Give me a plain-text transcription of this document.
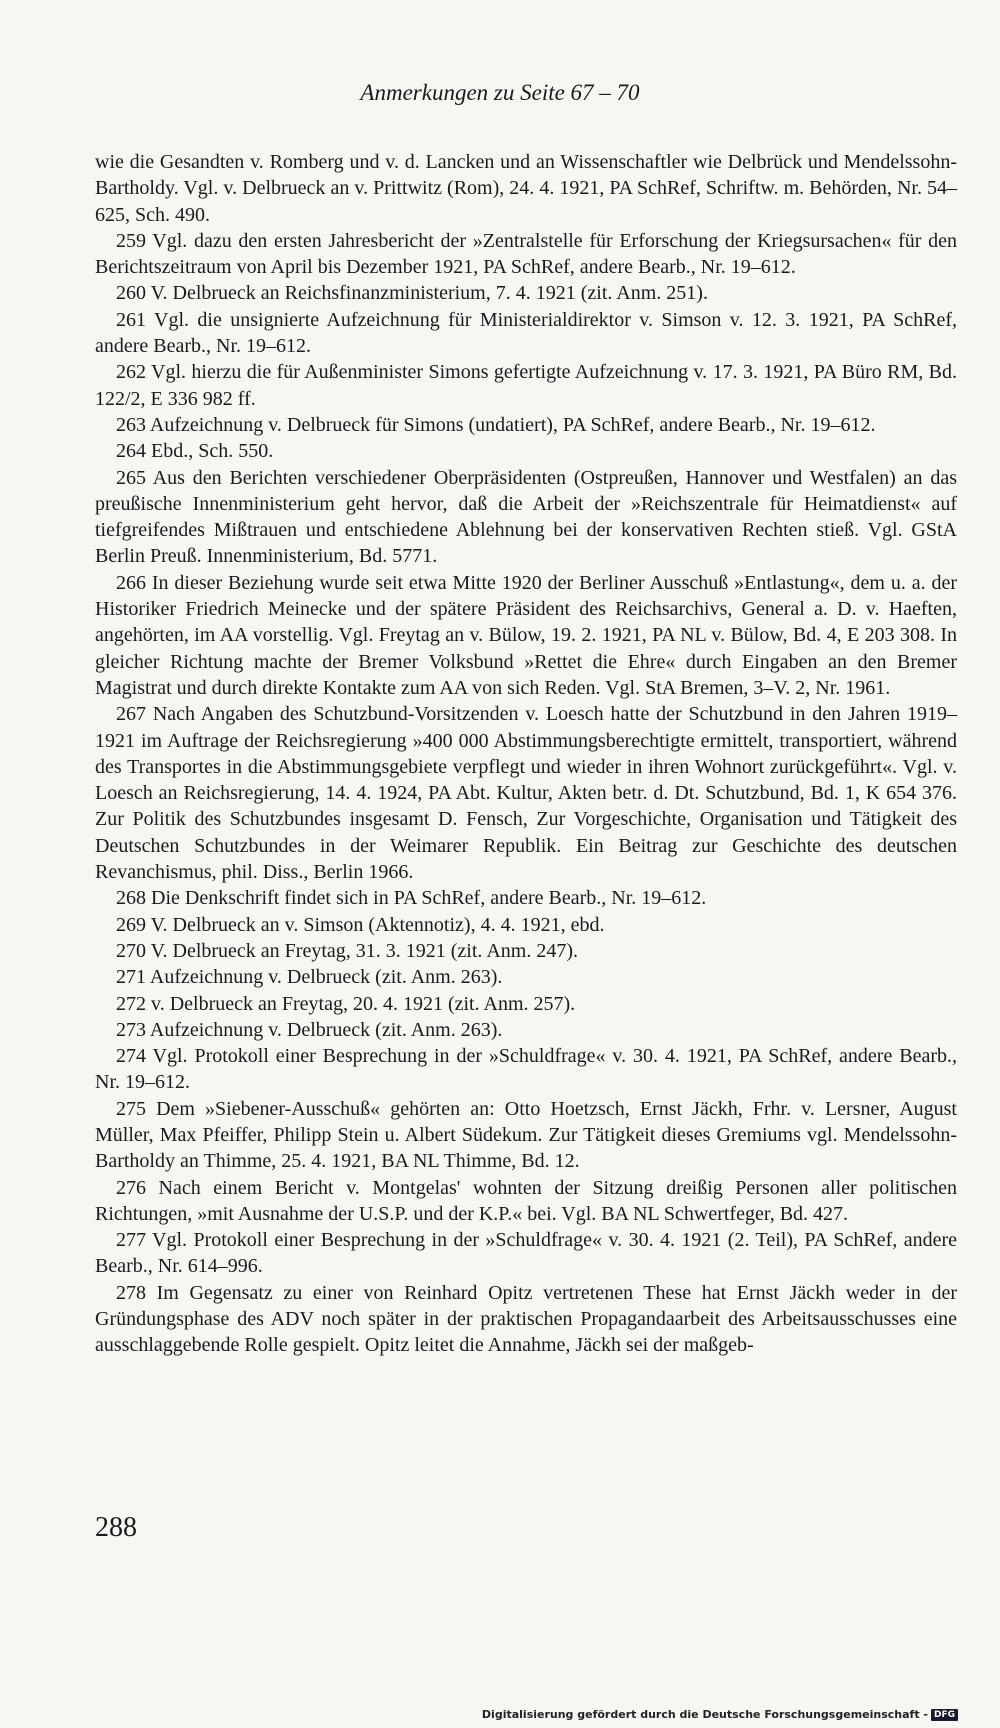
Anmerkungen zu Seite 67 – 70

wie die Gesandten v. Romberg und v. d. Lancken und an Wissenschaftler wie Delbrück und Mendelssohn-Bartholdy. Vgl. v. Delbrueck an v. Prittwitz (Rom), 24. 4. 1921, PA SchRef, Schriftw. m. Behörden, Nr. 54–625, Sch. 490.

259 Vgl. dazu den ersten Jahresbericht der »Zentralstelle für Erforschung der Kriegsursachen« für den Berichtszeitraum von April bis Dezember 1921, PA SchRef, andere Bearb., Nr. 19–612.

260 V. Delbrueck an Reichsfinanzministerium, 7. 4. 1921 (zit. Anm. 251).

261 Vgl. die unsignierte Aufzeichnung für Ministerialdirektor v. Simson v. 12. 3. 1921, PA SchRef, andere Bearb., Nr. 19–612.

262 Vgl. hierzu die für Außenminister Simons gefertigte Aufzeichnung v. 17. 3. 1921, PA Büro RM, Bd. 122/2, E 336 982 ff.

263 Aufzeichnung v. Delbrueck für Simons (undatiert), PA SchRef, andere Bearb., Nr. 19–612.

264 Ebd., Sch. 550.

265 Aus den Berichten verschiedener Oberpräsidenten (Ostpreußen, Hannover und Westfalen) an das preußische Innenministerium geht hervor, daß die Arbeit der »Reichszentrale für Heimatdienst« auf tiefgreifendes Mißtrauen und entschiedene Ablehnung bei der konservativen Rechten stieß. Vgl. GStA Berlin Preuß. Innenministerium, Bd. 5771.

266 In dieser Beziehung wurde seit etwa Mitte 1920 der Berliner Ausschuß »Entlastung«, dem u. a. der Historiker Friedrich Meinecke und der spätere Präsident des Reichsarchivs, General a. D. v. Haeften, angehörten, im AA vorstellig. Vgl. Freytag an v. Bülow, 19. 2. 1921, PA NL v. Bülow, Bd. 4, E 203 308. In gleicher Richtung machte der Bremer Volksbund »Rettet die Ehre« durch Eingaben an den Bremer Magistrat und durch direkte Kontakte zum AA von sich Reden. Vgl. StA Bremen, 3–V. 2, Nr. 1961.

267 Nach Angaben des Schutzbund-Vorsitzenden v. Loesch hatte der Schutzbund in den Jahren 1919–1921 im Auftrage der Reichsregierung »400 000 Abstimmungsberechtigte ermittelt, transportiert, während des Transportes in die Abstimmungsgebiete verpflegt und wieder in ihren Wohnort zurückgeführt«. Vgl. v. Loesch an Reichsregierung, 14. 4. 1924, PA Abt. Kultur, Akten betr. d. Dt. Schutzbund, Bd. 1, K 654 376. Zur Politik des Schutzbundes insgesamt D. Fensch, Zur Vorgeschichte, Organisation und Tätigkeit des Deutschen Schutzbundes in der Weimarer Republik. Ein Beitrag zur Geschichte des deutschen Revanchismus, phil. Diss., Berlin 1966.

268 Die Denkschrift findet sich in PA SchRef, andere Bearb., Nr. 19–612.

269 V. Delbrueck an v. Simson (Aktennotiz), 4. 4. 1921, ebd.

270 V. Delbrueck an Freytag, 31. 3. 1921 (zit. Anm. 247).

271 Aufzeichnung v. Delbrueck (zit. Anm. 263).

272 v. Delbrueck an Freytag, 20. 4. 1921 (zit. Anm. 257).

273 Aufzeichnung v. Delbrueck (zit. Anm. 263).

274 Vgl. Protokoll einer Besprechung in der »Schuldfrage« v. 30. 4. 1921, PA SchRef, andere Bearb., Nr. 19–612.

275 Dem »Siebener-Ausschuß« gehörten an: Otto Hoetzsch, Ernst Jäckh, Frhr. v. Lersner, August Müller, Max Pfeiffer, Philipp Stein u. Albert Südekum. Zur Tätigkeit dieses Gremiums vgl. Mendelssohn-Bartholdy an Thimme, 25. 4. 1921, BA NL Thimme, Bd. 12.

276 Nach einem Bericht v. Montgelas' wohnten der Sitzung dreißig Personen aller politischen Richtungen, »mit Ausnahme der U.S.P. und der K.P.« bei. Vgl. BA NL Schwertfeger, Bd. 427.

277 Vgl. Protokoll einer Besprechung in der »Schuldfrage« v. 30. 4. 1921 (2. Teil), PA SchRef, andere Bearb., Nr. 614–996.

278 Im Gegensatz zu einer von Reinhard Opitz vertretenen These hat Ernst Jäckh weder in der Gründungsphase des ADV noch später in der praktischen Propagandaarbeit des Arbeitsausschusses eine ausschlaggebende Rolle gespielt. Opitz leitet die Annahme, Jäckh sei der maßgeb-

288
Digitalisierung gefördert durch die Deutsche Forschungsgemeinschaft - DFG
